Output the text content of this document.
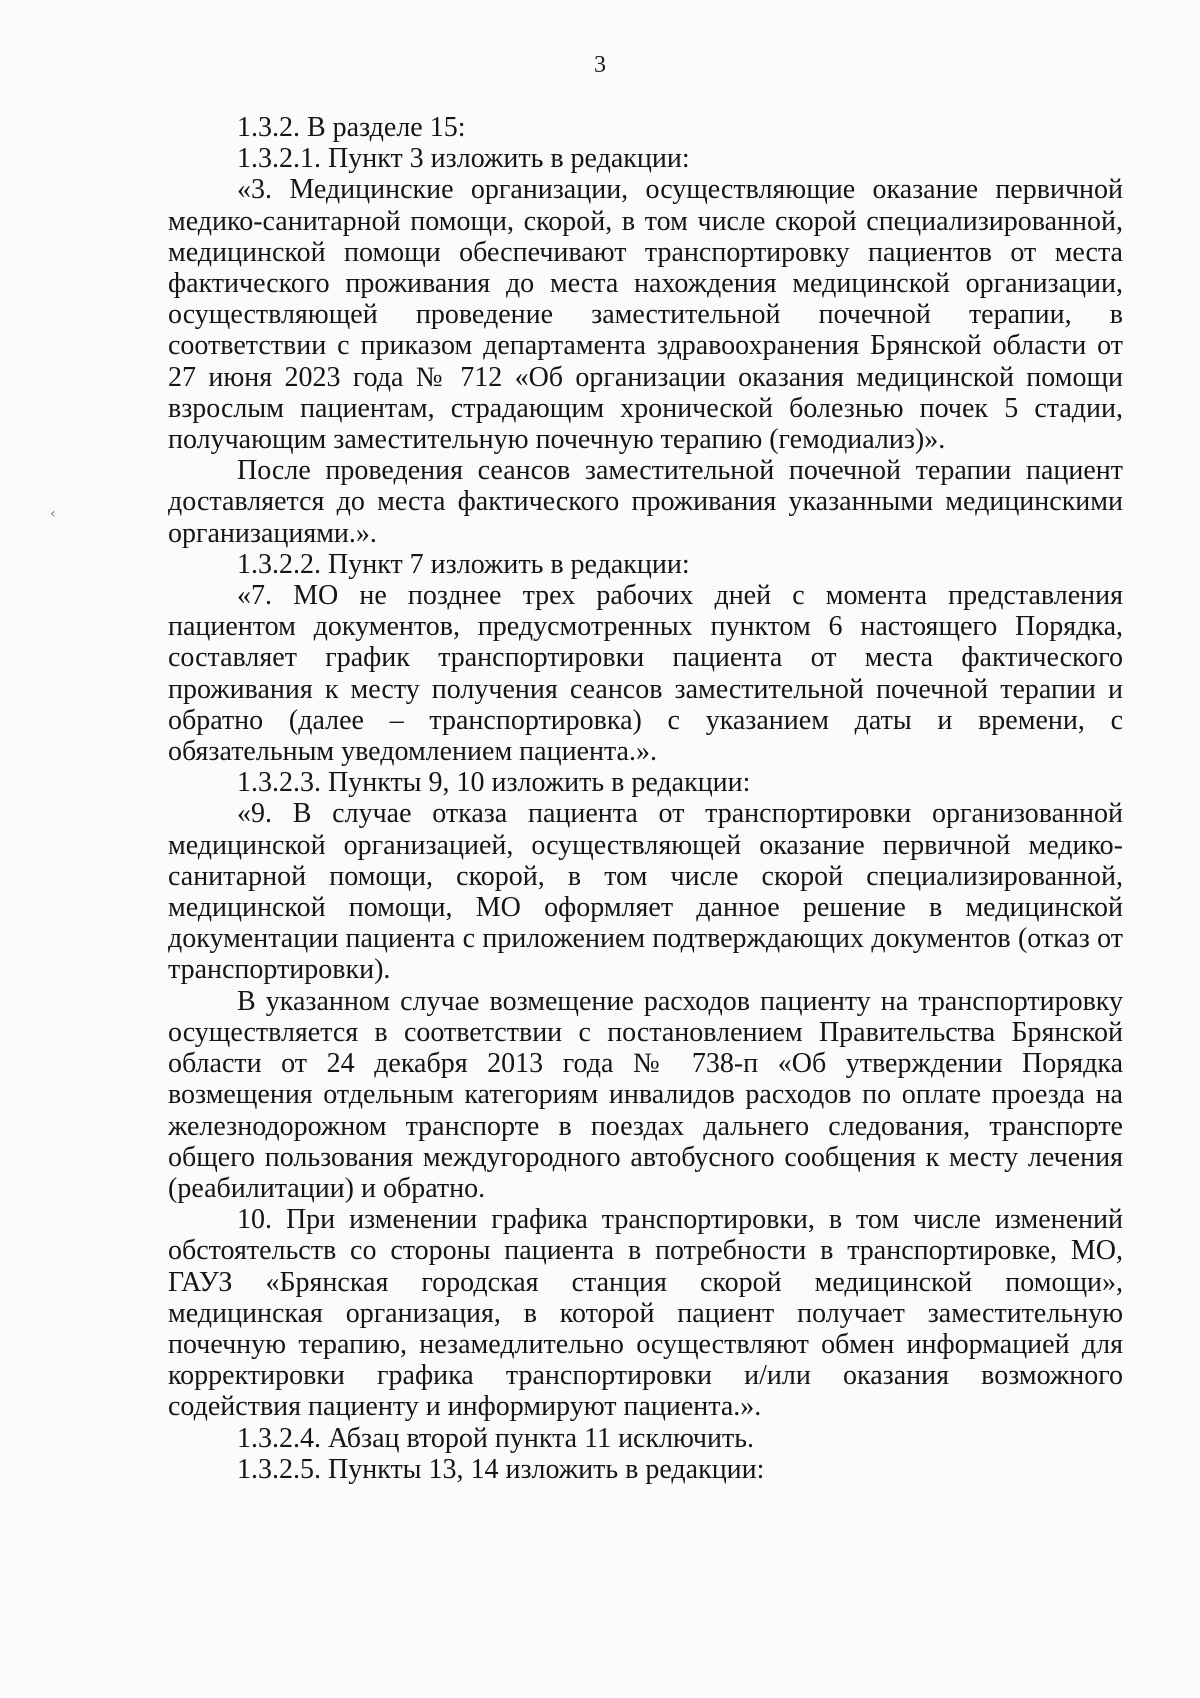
3
‹

1.3.2. В разделе 15:

1.3.2.1. Пункт 3 изложить в редакции:

«3. Медицинские организации, осуществляющие оказание первичной медико-санитарной помощи, скорой, в том числе скорой специализированной, медицинской помощи обеспечивают транспортировку пациентов от места фактического проживания до места нахождения медицинской организации, осуществляющей проведение заместительной почечной терапии, в соответствии с приказом департамента здравоохранения Брянской области от 27 июня 2023 года № 712 «Об организации оказания медицинской помощи взрослым пациентам, страдающим хронической болезнью почек 5 стадии, получающим заместительную почечную терапию (гемодиализ)».

После проведения сеансов заместительной почечной терапии пациент доставляется до места фактического проживания указанными медицинскими организациями.».

1.3.2.2. Пункт 7 изложить в редакции:

«7. МО не позднее трех рабочих дней с момента представления пациентом документов, предусмотренных пунктом 6 настоящего Порядка, составляет график транспортировки пациента от места фактического проживания к месту получения сеансов заместительной почечной терапии и обратно (далее – транспортировка) с указанием даты и времени, с обязательным уведомлением пациента.».

1.3.2.3. Пункты 9, 10 изложить в редакции:

«9. В случае отказа пациента от транспортировки организованной медицинской организацией, осуществляющей оказание первичной медико-санитарной помощи, скорой, в том числе скорой специализированной, медицинской помощи, МО оформляет данное решение в медицинской документации пациента с приложением подтверждающих документов (отказ от транспортировки).

В указанном случае возмещение расходов пациенту на транспортировку осуществляется в соответствии с постановлением Правительства Брянской области от 24 декабря 2013 года № 738-п «Об утверждении Порядка возмещения отдельным категориям инвалидов расходов по оплате проезда на железнодорожном транспорте в поездах дальнего следования, транспорте общего пользования междугородного автобусного сообщения к месту лечения (реабилитации) и обратно.

10. При изменении графика транспортировки, в том числе изменений обстоятельств со стороны пациента в потребности в транспортировке, МО, ГАУЗ «Брянская городская станция скорой медицинской помощи», медицинская организация, в которой пациент получает заместительную почечную терапию, незамедлительно осуществляют обмен информацией для корректировки графика транспортировки и/или оказания возможного содействия пациенту и информируют пациента.».

1.3.2.4. Абзац второй пункта 11 исключить.

1.3.2.5. Пункты 13, 14 изложить в редакции:
